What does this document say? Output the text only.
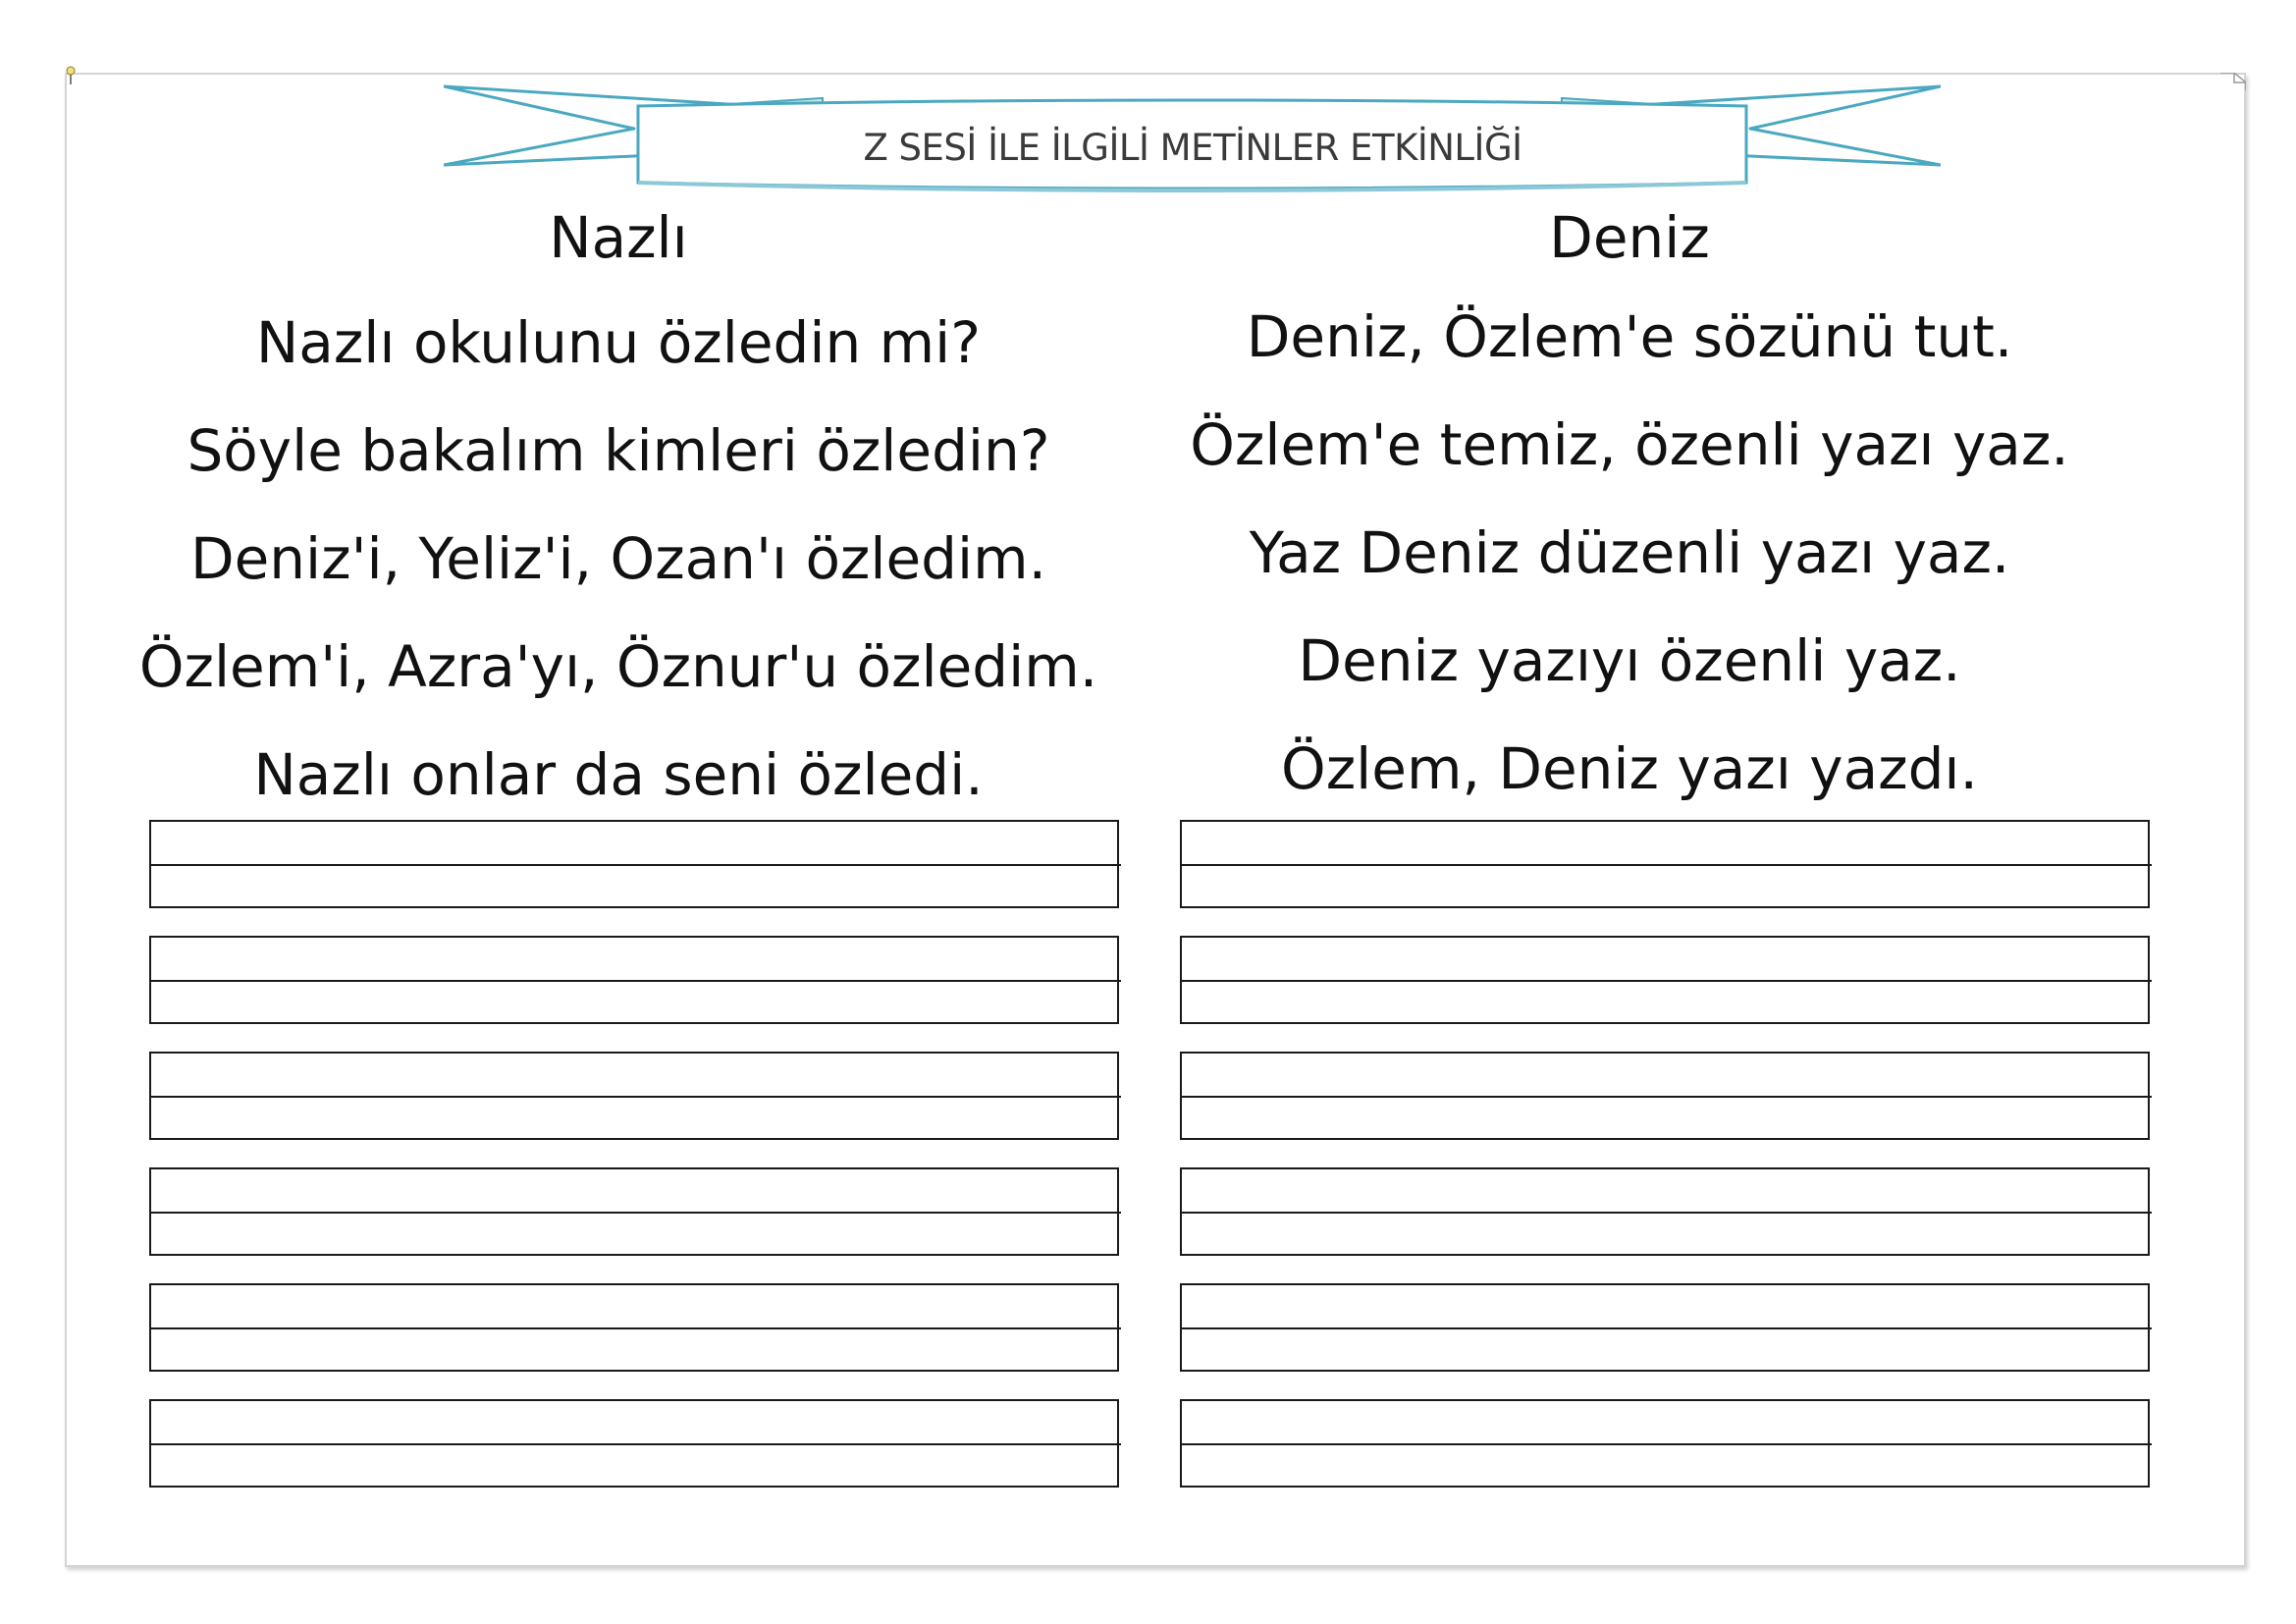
Z SESİ İLE İLGİLİ METİNLER ETKİNLİĞİ

Nazlı

Nazlı okulunu özledin mi?

Söyle bakalım kimleri özledin?

Deniz'i, Yeliz'i, Ozan'ı özledim.

Özlem'i, Azra'yı, Öznur'u özledim.

Nazlı onlar da seni özledi.

Deniz

Deniz, Özlem'e sözünü tut.

Özlem'e temiz, özenli yazı yaz.

Yaz Deniz düzenli yazı yaz.

Deniz yazıyı özenli yaz.

Özlem, Deniz yazı yazdı.
